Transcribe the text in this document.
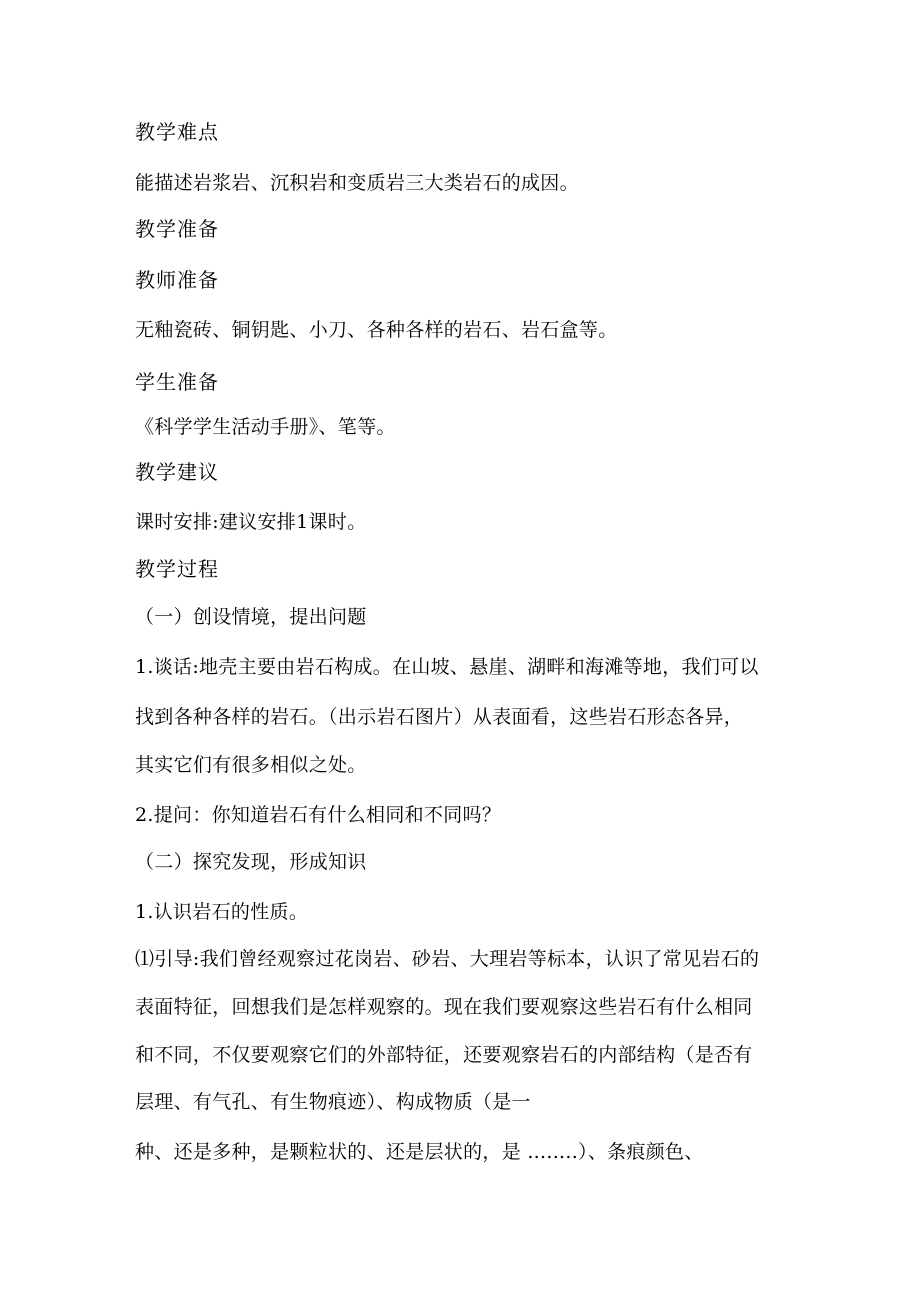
教学难点
能描述岩浆岩、沉积岩和变质岩三大类岩石的成因。
教学准备
教师准备
无釉瓷砖、铜钥匙、小刀、各种各样的岩石、岩石盒等。
学生准备
《科学学生活动手册》、笔等。
教学建议
课时安排:建议安排1课时。
教学过程
（一）创设情境，提出问题
1.谈话:地壳主要由岩石构成。在山坡、悬崖、湖畔和海滩等地，我们可以
找到各种各样的岩石。（出示岩石图片）从表面看，这些岩石形态各异，
其实它们有很多相似之处。
2.提问：你知道岩石有什么相同和不同吗？
（二）探究发现，形成知识
1.认识岩石的性质。
⑴引导:我们曾经观察过花岗岩、砂岩、大理岩等标本，认识了常见岩石的
表面特征，回想我们是怎样观察的。现在我们要观察这些岩石有什么相同
和不同，不仅要观察它们的外部特征，还要观察岩石的内部结构（是否有
层理、有气孔、有生物痕迹）、构成物质（是一
种、还是多种，是颗粒状的、还是层状的，是 ........）、条痕颜色、
